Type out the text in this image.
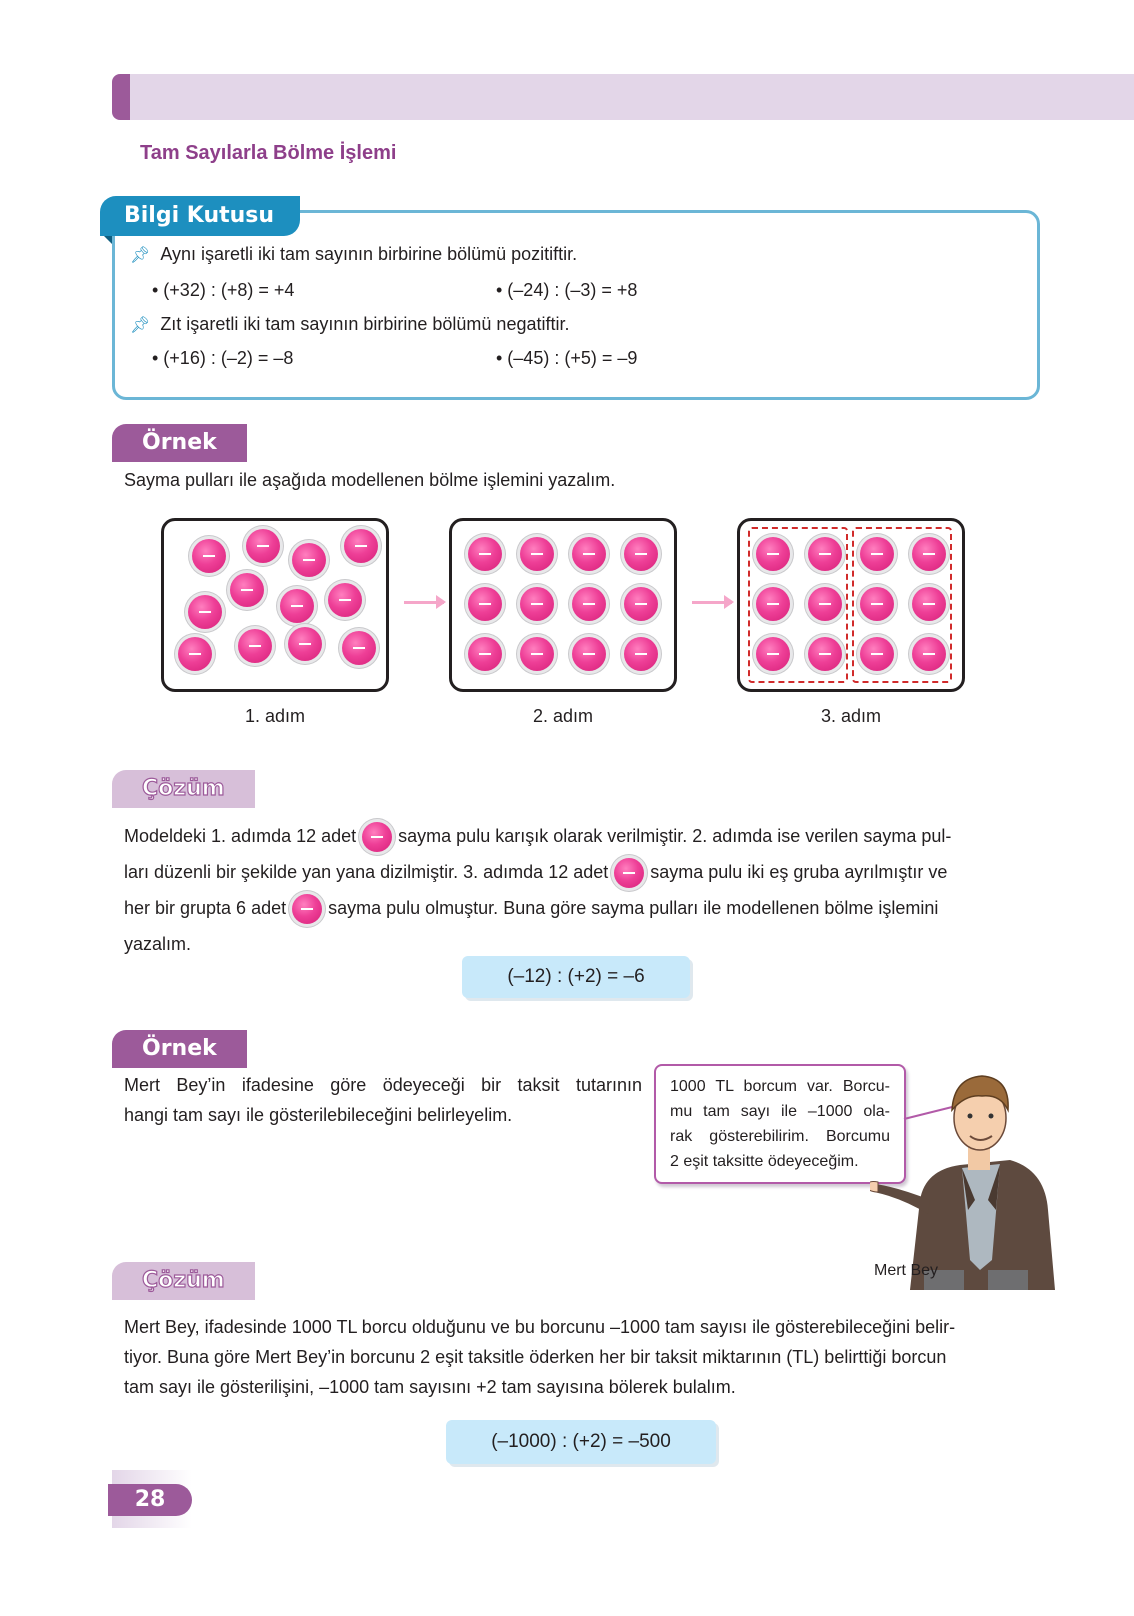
Tam Sayılarla Bölme İşlemi
Bilgi Kutusu
📌︎ Aynı işaretli iki tam sayının birbirine bölümü pozitiftir.
• (+32) : (+8) = +4	• (–24) : (–3) = +8
📌︎ Zıt işaretli iki tam sayının birbirine bölümü negatiftir.
• (+16) : (–2) = –8	• (–45) : (+5) = –9
Örnek
Sayma pulları ile aşağıda modellenen bölme işlemini yazalım.
1. adım	2. adım	3. adım
Çözüm
Modeldeki 1. adımda 12 adet sayma pulu karışık olarak verilmiştir. 2. adımda ise verilen sayma pul-
ları düzenli bir şekilde yan yana dizilmiştir. 3. adımda 12 adet sayma pulu iki eş gruba ayrılmıştır ve
her bir grupta 6 adet sayma pulu olmuştur. Buna göre sayma pulları ile modellenen bölme işlemini
yazalım.
(–12) : (+2) = –6
Örnek
Mert Bey’in ifadesine göre ödeyeceği bir taksit tutarının
hangi tam sayı ile gösterilebileceğini belirleyelim.
1000 TL borcum var. Borcu-
mu tam sayı ile –1000 ola-
rak gösterebilirim. Borcumu
2 eşit taksitte ödeyeceğim.
Mert Bey
Çözüm
Mert Bey, ifadesinde 1000 TL borcu olduğunu ve bu borcunu –1000 tam sayısı ile gösterebileceğini belir-
tiyor. Buna göre Mert Bey’in borcunu 2 eşit taksitle öderken her bir taksit miktarının (TL) belirttiği borcun
tam sayı ile gösterilişini, –1000 tam sayısını +2 tam sayısına bölerek bulalım.
(–1000) : (+2) = –500
28
